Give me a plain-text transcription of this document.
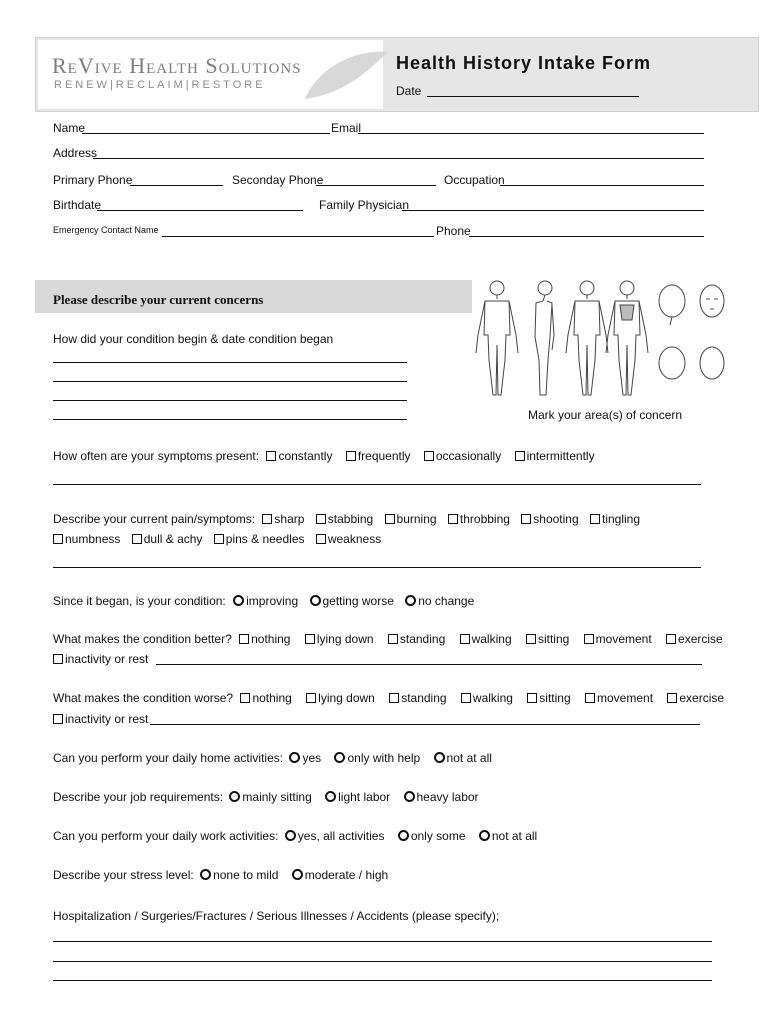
ReVive Health Solutions
RENEW|RECLAIM|RESTORE
Health History Intake Form
Date
Name	Email
Address
Primary Phone	Seconday Phone	Occupation
Birthdate	Family Physician
Emergency Contact Name	Phone
Please describe your current concerns
How did your condition begin & date condition began
Mark your area(s) of concern
How often are your symptoms present: constantly frequently occasionally intermittently
Describe your current pain/symptoms: sharp stabbing burning throbbing shooting tingling
numbness dull & achy pins & needles weakness
Since it began, is your condition: improving getting worse no change
What makes the condition better? nothing lying down standing walking sitting movement exercise
inactivity or rest
What makes the condition worse? nothing lying down standing walking sitting movement exercise
inactivity or rest
Can you perform your daily home activities: yes only with help not at all
Describe your job requirements: mainly sitting light labor heavy labor
Can you perform your daily work activities: yes, all activities only some not at all
Describe your stress level: none to mild moderate / high
Hospitalization / Surgeries/Fractures / Serious Illnesses / Accidents (please specify);
